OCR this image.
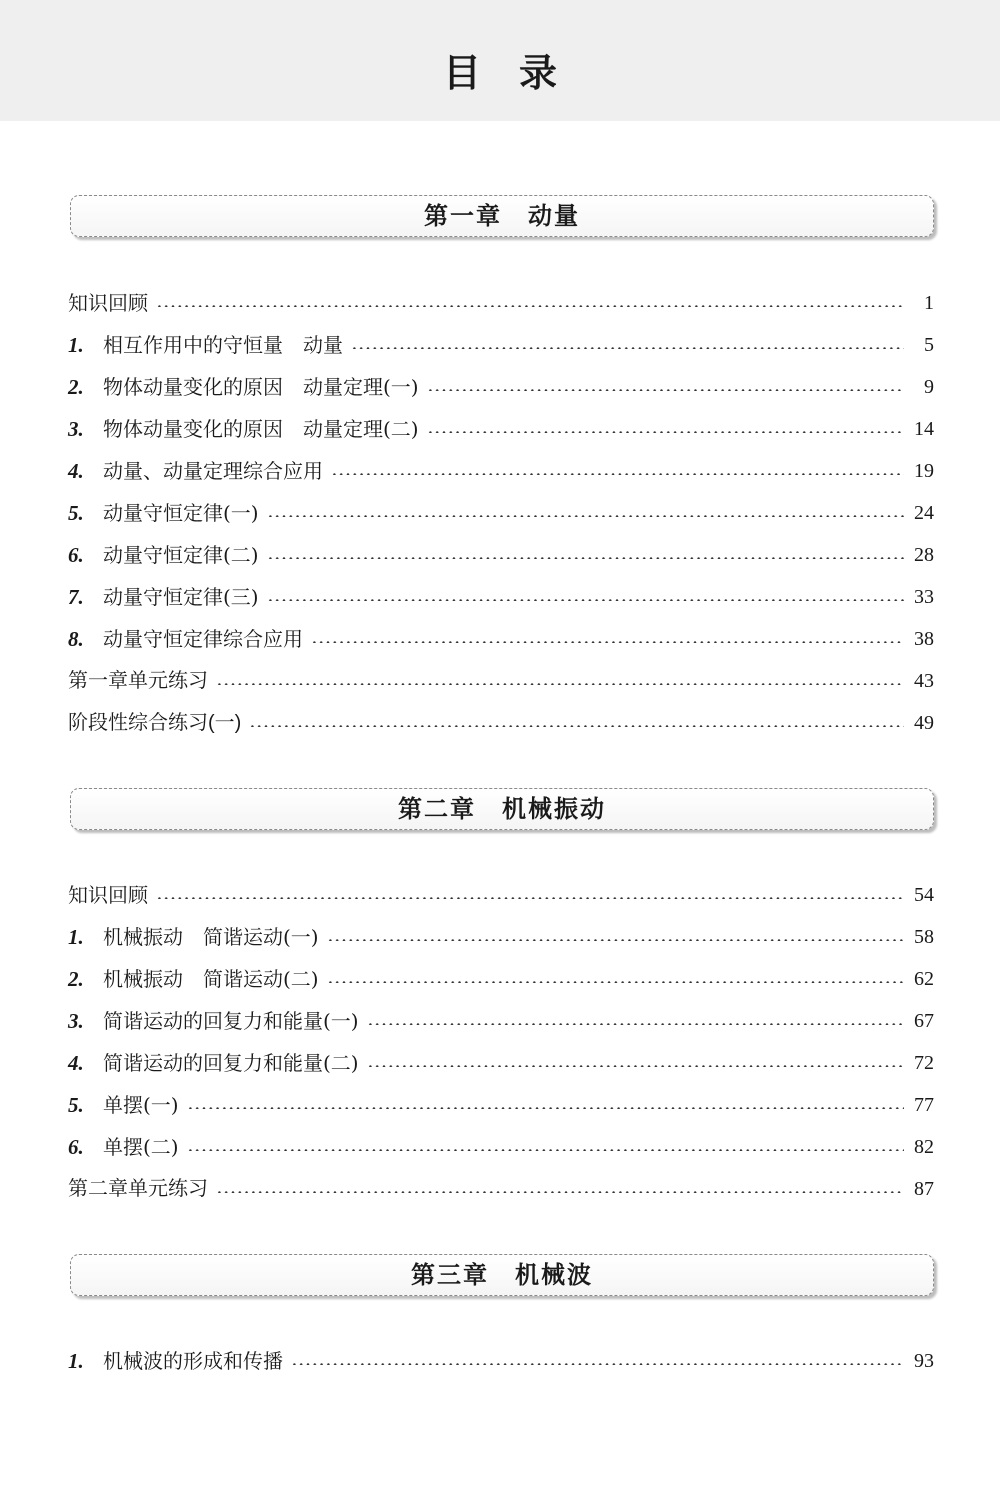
目录
第一章　动量
知识回顾	1
1. 相互作用中的守恒量　动量	5
2. 物体动量变化的原因　动量定理(一)	9
3. 物体动量变化的原因　动量定理(二)	14
4. 动量、动量定理综合应用	19
5. 动量守恒定律(一)	24
6. 动量守恒定律(二)	28
7. 动量守恒定律(三)	33
8. 动量守恒定律综合应用	38
第一章单元练习	43
阶段性综合练习(一)	49
第二章　机械振动
知识回顾	54
1. 机械振动　简谐运动(一)	58
2. 机械振动　简谐运动(二)	62
3. 简谐运动的回复力和能量(一)	67
4. 简谐运动的回复力和能量(二)	72
5. 单摆(一)	77
6. 单摆(二)	82
第二章单元练习	87
第三章　机械波
1. 机械波的形成和传播	93
